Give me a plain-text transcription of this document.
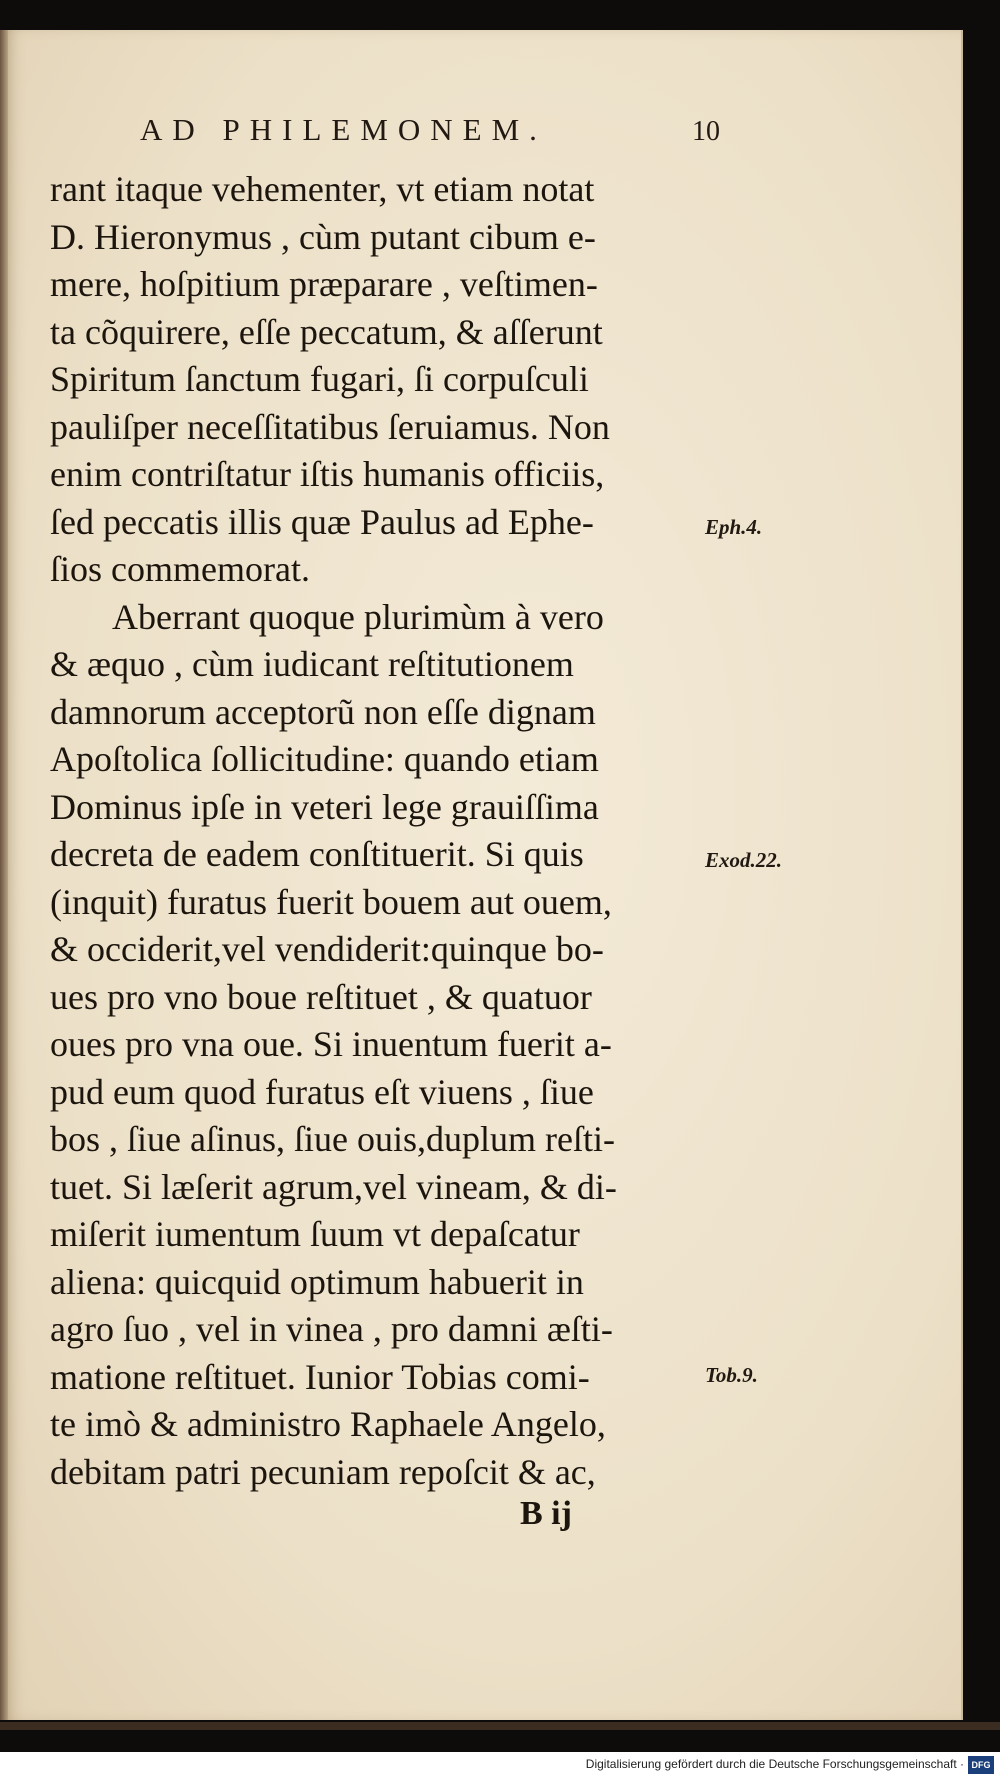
AD PHILEMONEM.	10
rant itaque vehementer, vt etiam notat
D. Hieronymus , cùm putant cibum e-
mere, hoſpitium præparare , veſtimen-
ta cõquirere, eſſe peccatum, & aſſerunt
Spiritum ſanctum fugari, ſi corpuſculi
pauliſper neceſſitatibus ſeruiamus. Non
enim contriſtatur iſtis humanis officiis,
ſed peccatis illis quæ Paulus ad Ephe-
ſios commemorat.
Aberrant quoque plurimùm à vero
& æquo , cùm iudicant reſtitutionem
damnorum acceptorũ non eſſe dignam
Apoſtolica ſollicitudine: quando etiam
Dominus ipſe in veteri lege grauiſſima
decreta de eadem conſtituerit. Si quis
(inquit) furatus fuerit bouem aut ouem,
& occiderit,vel vendiderit:quinque bo-
ues pro vno boue reſtituet , & quatuor
oues pro vna oue. Si inuentum fuerit a-
pud eum quod furatus eſt viuens , ſiue
bos , ſiue aſinus, ſiue ouis,duplum reſti-
tuet. Si læſerit agrum,vel vineam, & di-
miſerit iumentum ſuum vt depaſcatur
aliena: quicquid optimum habuerit in
agro ſuo , vel in vinea , pro damni æſti-
matione reſtituet. Iunior Tobias comi-
te imò & administro Raphaele Angelo,
debitam patri pecuniam repoſcit & ac,
Eph.4.
Exod.22.
Tob.9.
B ij
Digitalisierung gefördert durch die Deutsche Forschungsgemeinschaft · DFG
